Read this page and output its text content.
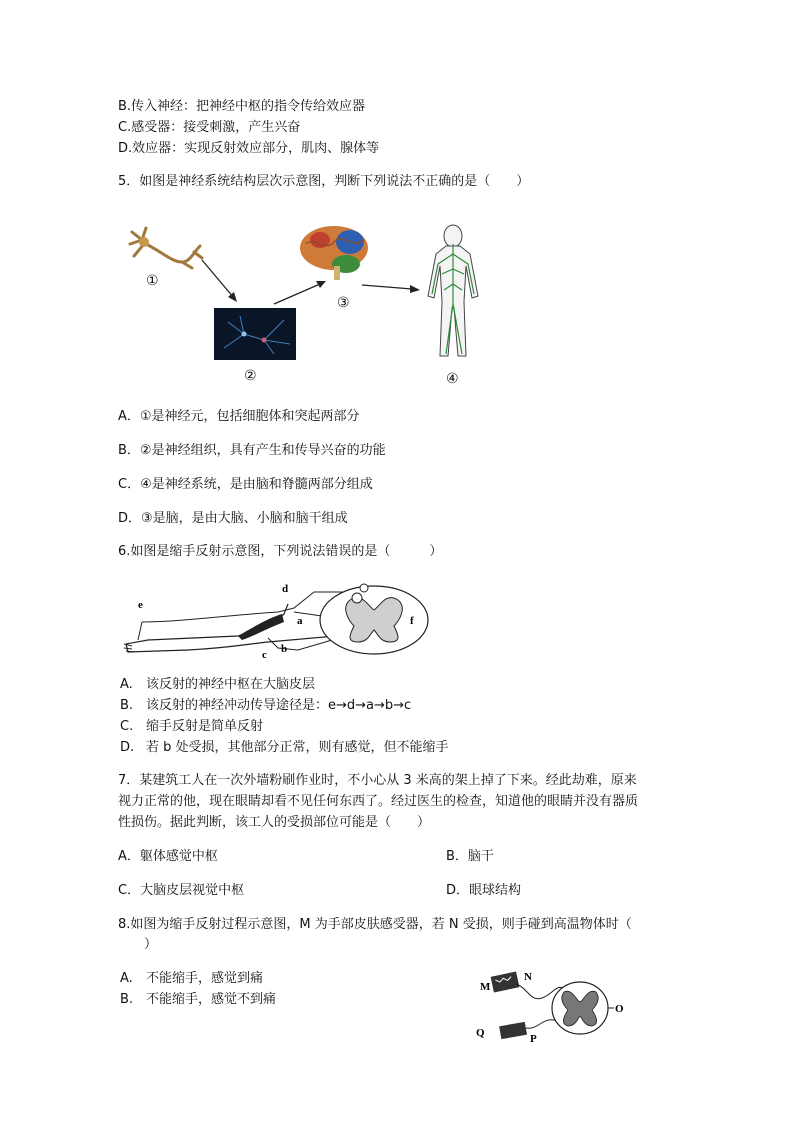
B.传入神经：把神经中枢的指令传给效应器
C.感受器：接受刺激，产生兴奋
D.效应器：实现反射效应部分，肌肉、腺体等
5．如图是神经系统结构层次示意图，判断下列说法不正确的是（　　）
①
②
③
④
A．①是神经元，包括细胞体和突起两部分
B．②是神经组织，具有产生和传导兴奋的功能
C．④是神经系统，是由脑和脊髓两部分组成
D．③是脑，是由大脑、小脑和脑干组成
6.如图是缩手反射示意图，下列说法错误的是（　　　）
e
d
a
b
c
f
A. 该反射的神经中枢在大脑皮层
B. 该反射的神经冲动传导途径是：e→d→a→b→c
C. 缩手反射是简单反射
D. 若 b 处受损，其他部分正常，则有感觉，但不能缩手
7．某建筑工人在一次外墙粉刷作业时，不小心从 3 米高的架上掉了下来。经此劫难，原来
视力正常的他，现在眼睛却看不见任何东西了。经过医生的检查，知道他的眼睛并没有器质
性损伤。据此判断，该工人的受损部位可能是（　　）
A．躯体感觉中枢	B．脑干
C．大脑皮层视觉中枢	D．眼球结构
8.如图为缩手反射过程示意图，M 为手部皮肤感受器，若 N 受损，则手碰到高温物体时（
　　）
A. 不能缩手，感觉到痛
B. 不能缩手，感觉不到痛
M
N
O
Q	P
